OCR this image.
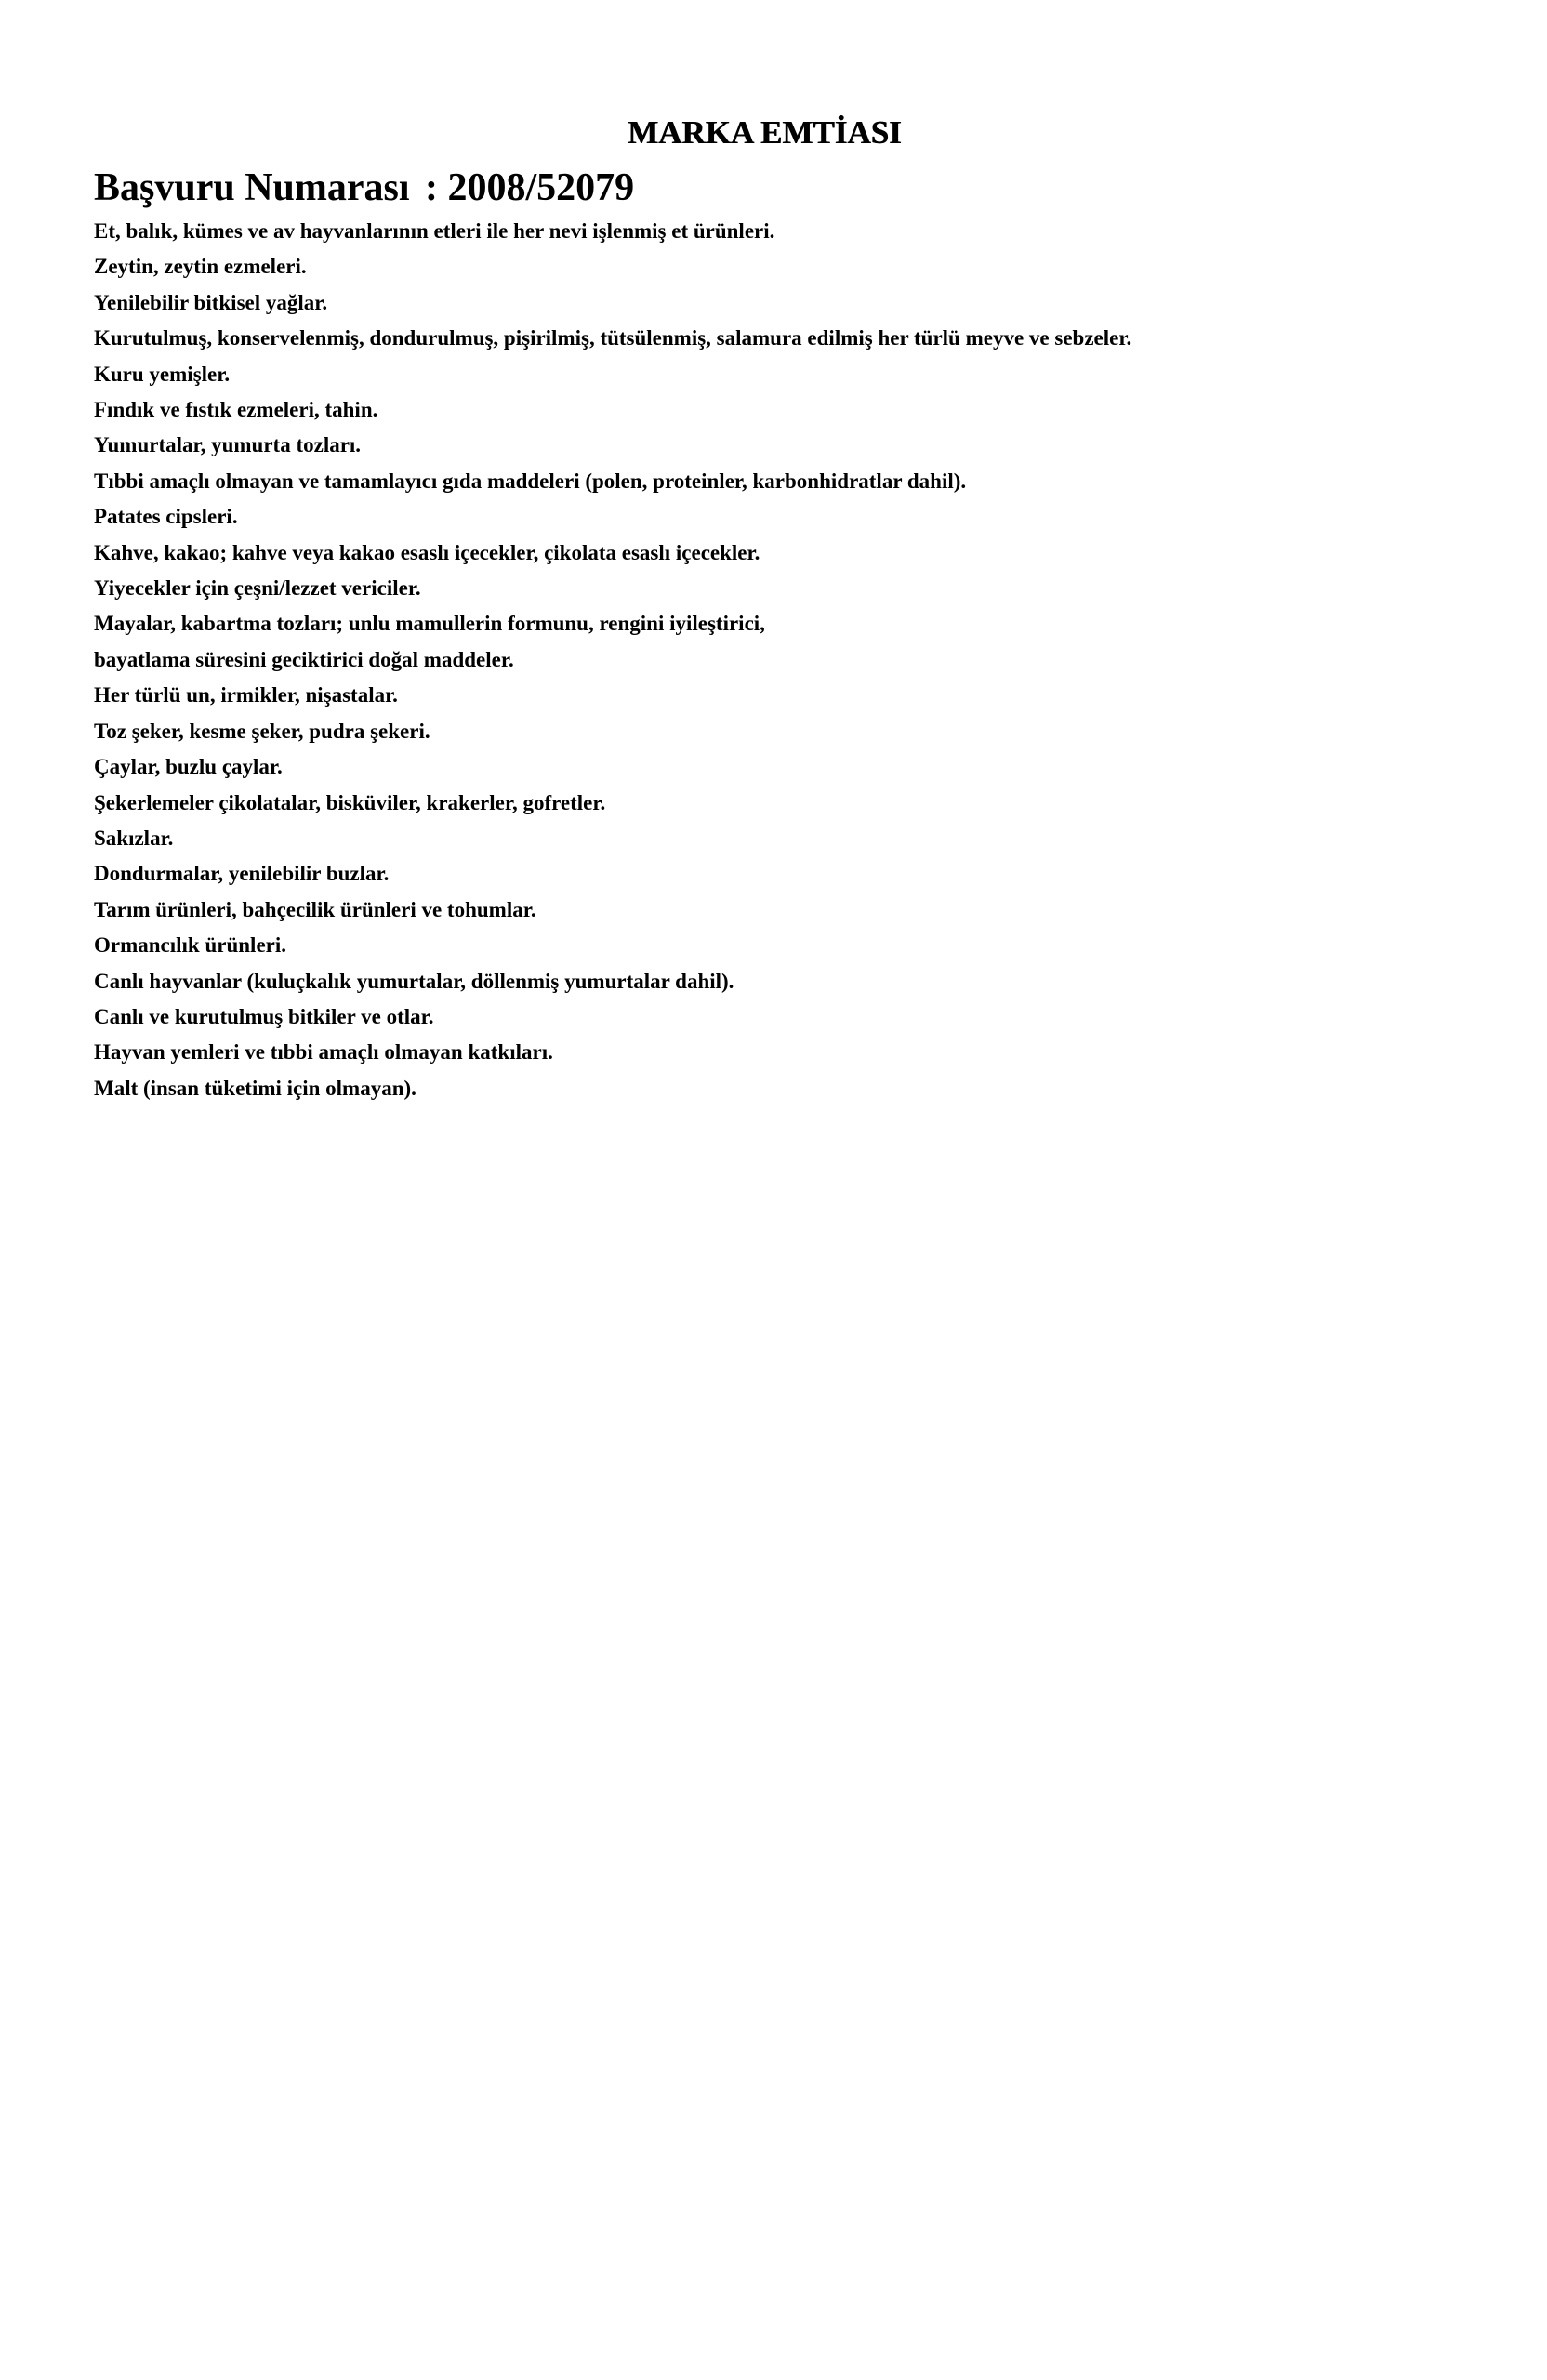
MARKA EMTİASI
Başvuru Numarası : 2008/52079
Et, balık, kümes ve av hayvanlarının etleri ile her nevi işlenmiş et ürünleri.
Zeytin, zeytin ezmeleri.
Yenilebilir bitkisel yağlar.
Kurutulmuş, konservelenmiş, dondurulmuş, pişirilmiş, tütsülenmiş, salamura edilmiş her türlü meyve ve sebzeler.
Kuru yemişler.
Fındık ve fıstık ezmeleri, tahin.
Yumurtalar, yumurta tozları.
Tıbbi amaçlı olmayan ve tamamlayıcı gıda maddeleri (polen, proteinler, karbonhidratlar dahil).
Patates cipsleri.
Kahve, kakao; kahve veya kakao esaslı içecekler, çikolata esaslı içecekler.
Yiyecekler için çeşni/lezzet vericiler.
Mayalar, kabartma tozları; unlu mamullerin formunu, rengini iyileştirici,
bayatlama süresini geciktirici doğal maddeler.
Her türlü un, irmikler, nişastalar.
Toz şeker, kesme şeker, pudra şekeri.
Çaylar, buzlu çaylar.
Şekerlemeler çikolatalar, bisküviler, krakerler, gofretler.
Sakızlar.
Dondurmalar, yenilebilir buzlar.
Tarım ürünleri, bahçecilik ürünleri ve tohumlar.
Ormancılık ürünleri.
Canlı hayvanlar (kuluçkalık yumurtalar, döllenmiş yumurtalar dahil).
Canlı ve kurutulmuş bitkiler ve otlar.
Hayvan yemleri ve tıbbi amaçlı olmayan katkıları.
Malt (insan tüketimi için olmayan).
